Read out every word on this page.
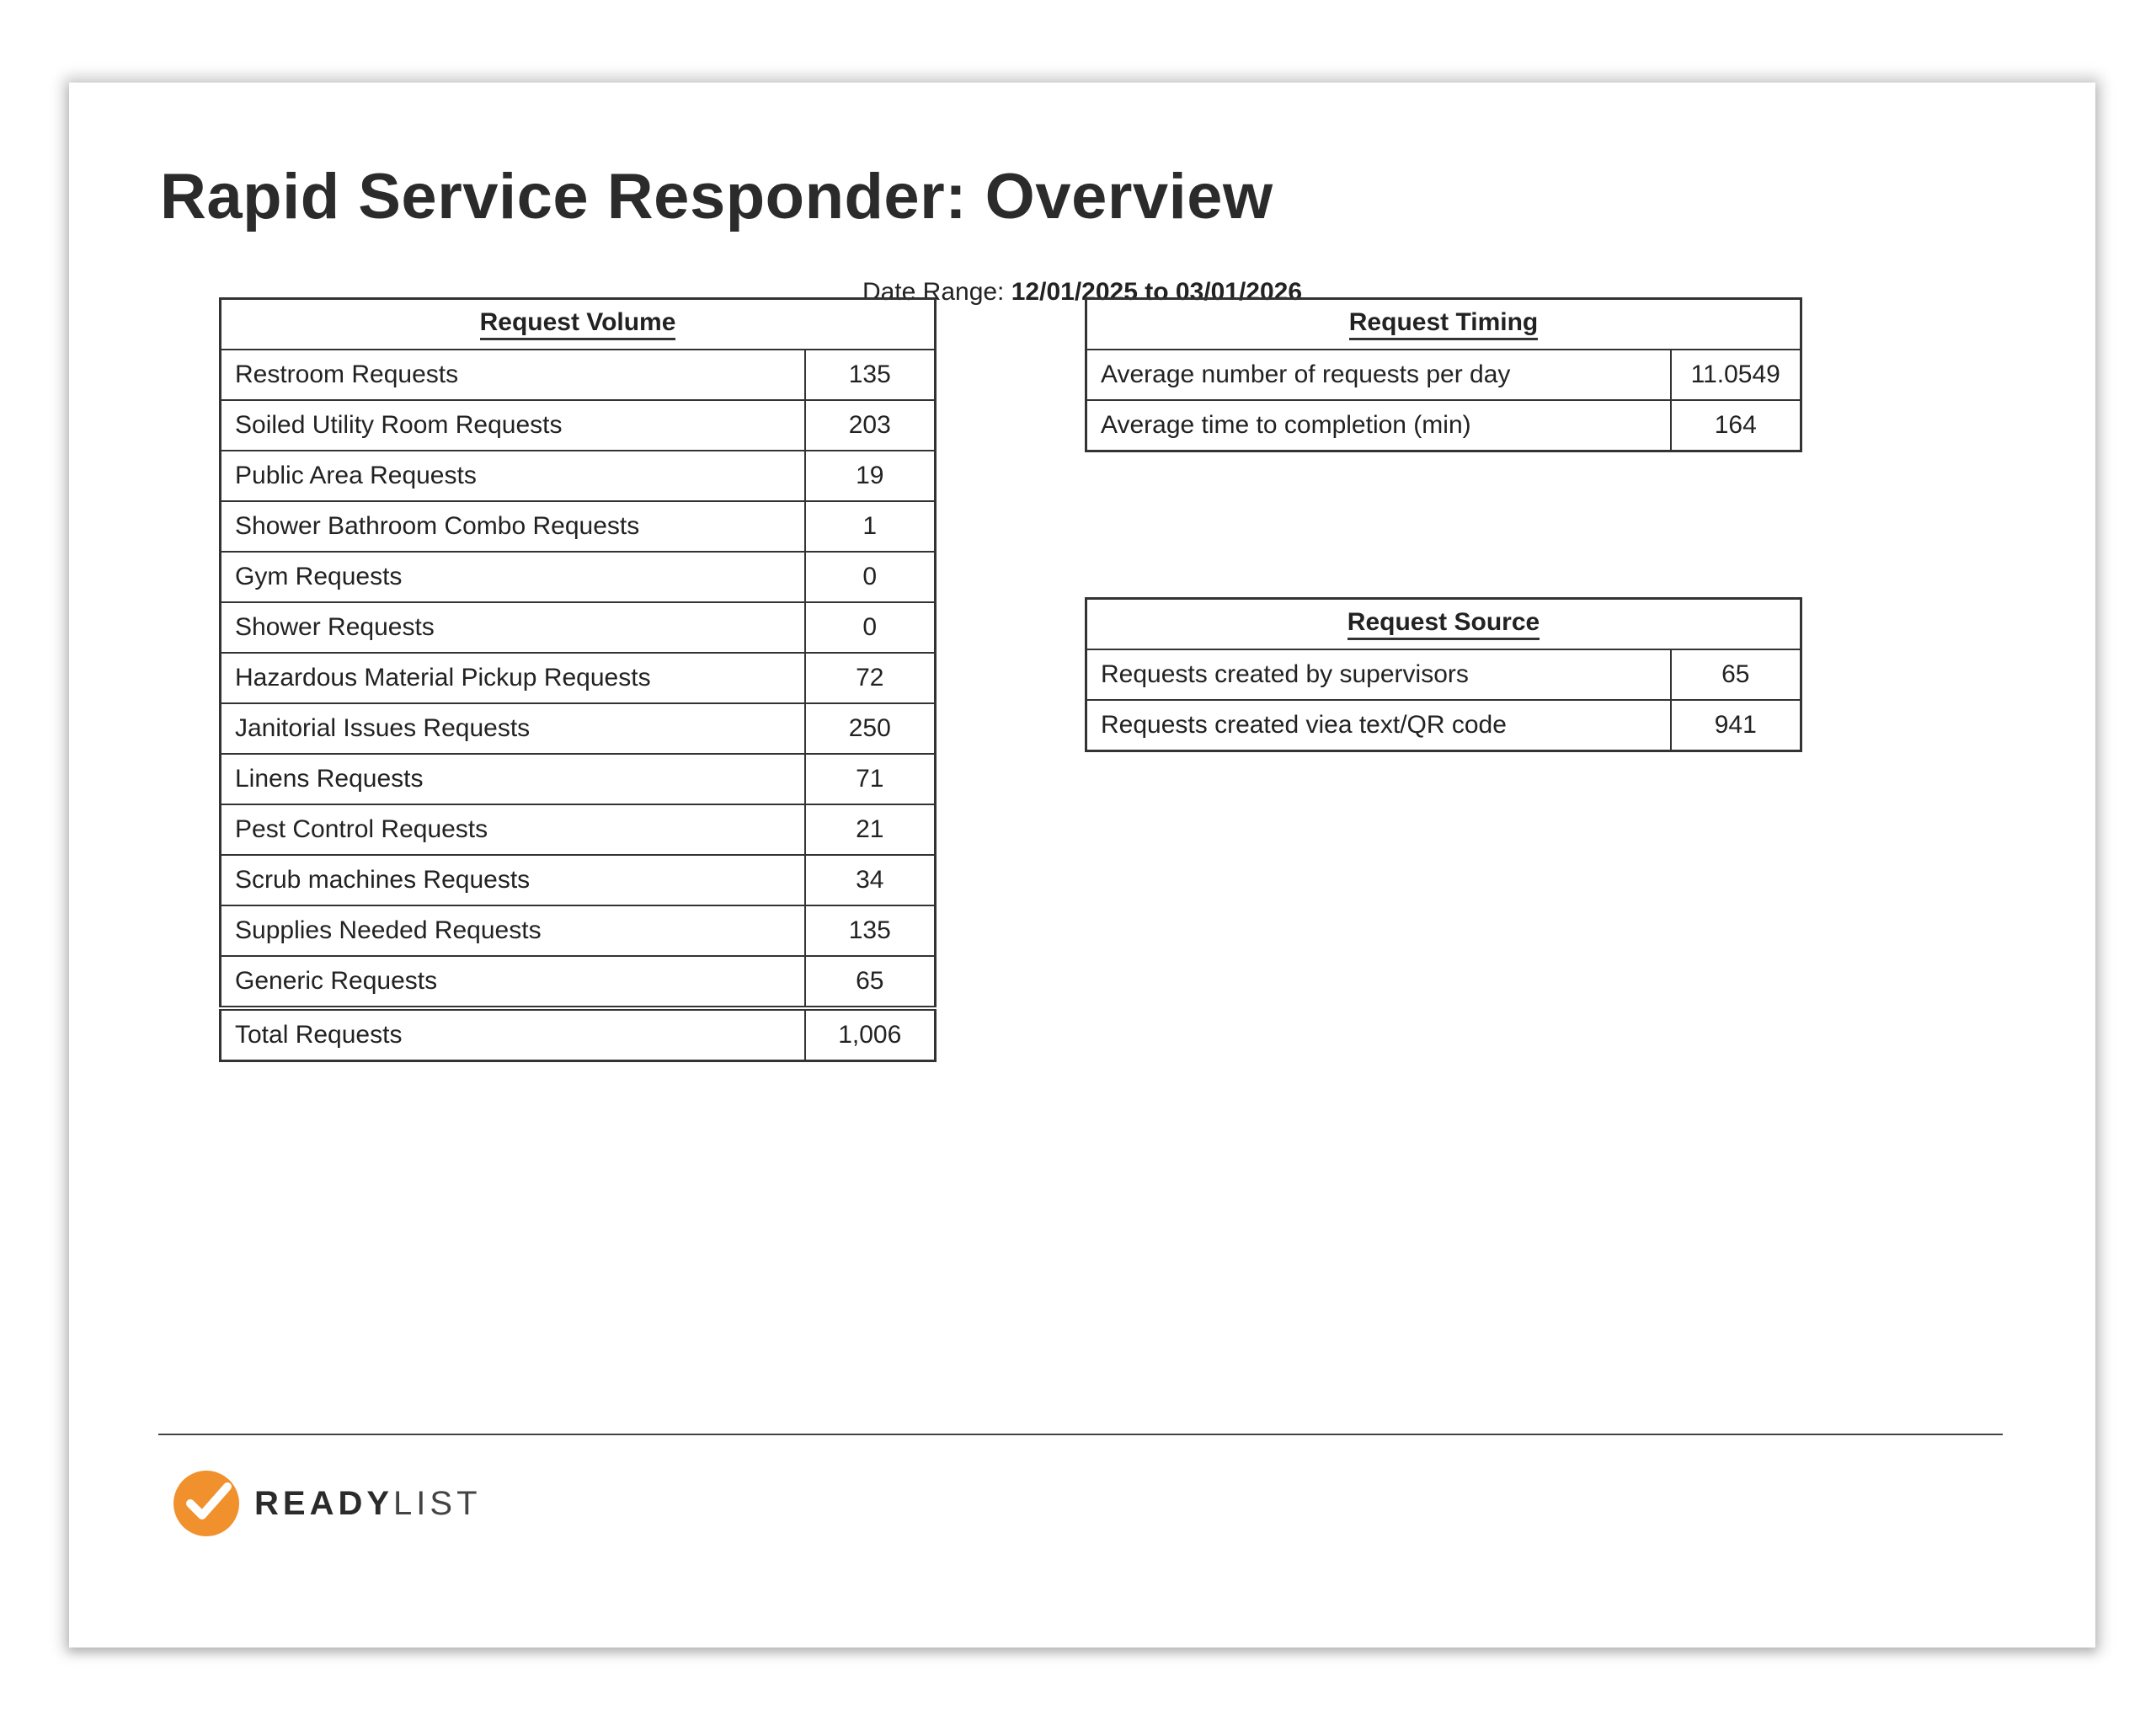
Rapid Service Responder: Overview
Date Range: 12/01/2025 to 03/01/2026
READYLIST
Request Volume	
Restroom Requests	135
Soiled Utility Room Requests	203
Public Area Requests	19
Shower Bathroom Combo Requests	1
Gym Requests	0
Shower Requests	0
Hazardous Material Pickup Requests	72
Janitorial Issues Requests	250
Linens Requests	71
Pest Control Requests	21
Scrub machines Requests	34
Supplies Needed Requests	135
Generic Requests	65
Total Requests	1,006
Request Timing	
Average number of requests per day	11.0549
Average time to completion (min)	164
Request Source	
Requests created by supervisors	65
Requests created viea text/QR code	941
